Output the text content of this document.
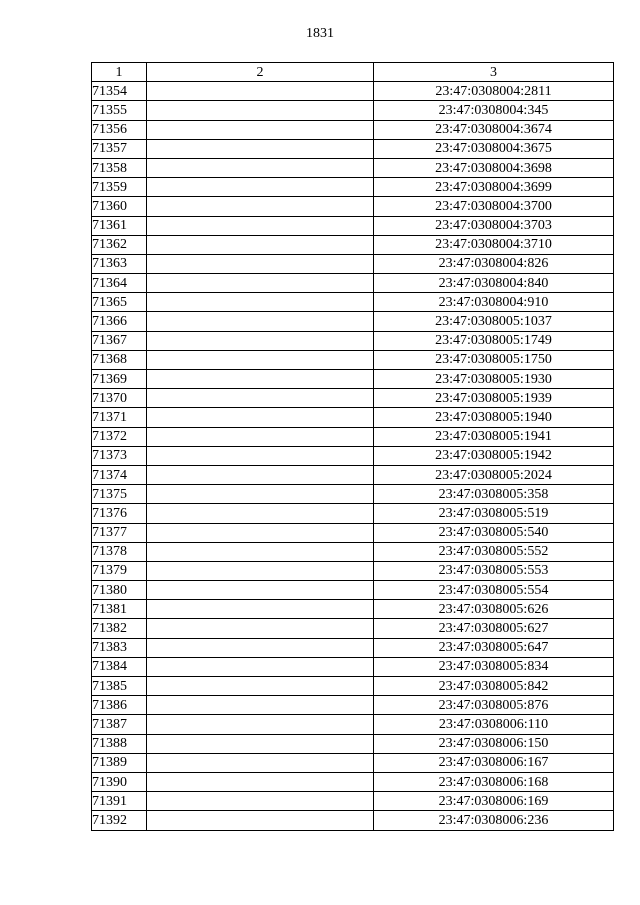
1831
1	2	3
71354		23:47:0308004:2811
71355		23:47:0308004:345
71356		23:47:0308004:3674
71357		23:47:0308004:3675
71358		23:47:0308004:3698
71359		23:47:0308004:3699
71360		23:47:0308004:3700
71361		23:47:0308004:3703
71362		23:47:0308004:3710
71363		23:47:0308004:826
71364		23:47:0308004:840
71365		23:47:0308004:910
71366		23:47:0308005:1037
71367		23:47:0308005:1749
71368		23:47:0308005:1750
71369		23:47:0308005:1930
71370		23:47:0308005:1939
71371		23:47:0308005:1940
71372		23:47:0308005:1941
71373		23:47:0308005:1942
71374		23:47:0308005:2024
71375		23:47:0308005:358
71376		23:47:0308005:519
71377		23:47:0308005:540
71378		23:47:0308005:552
71379		23:47:0308005:553
71380		23:47:0308005:554
71381		23:47:0308005:626
71382		23:47:0308005:627
71383		23:47:0308005:647
71384		23:47:0308005:834
71385		23:47:0308005:842
71386		23:47:0308005:876
71387		23:47:0308006:110
71388		23:47:0308006:150
71389		23:47:0308006:167
71390		23:47:0308006:168
71391		23:47:0308006:169
71392		23:47:0308006:236
